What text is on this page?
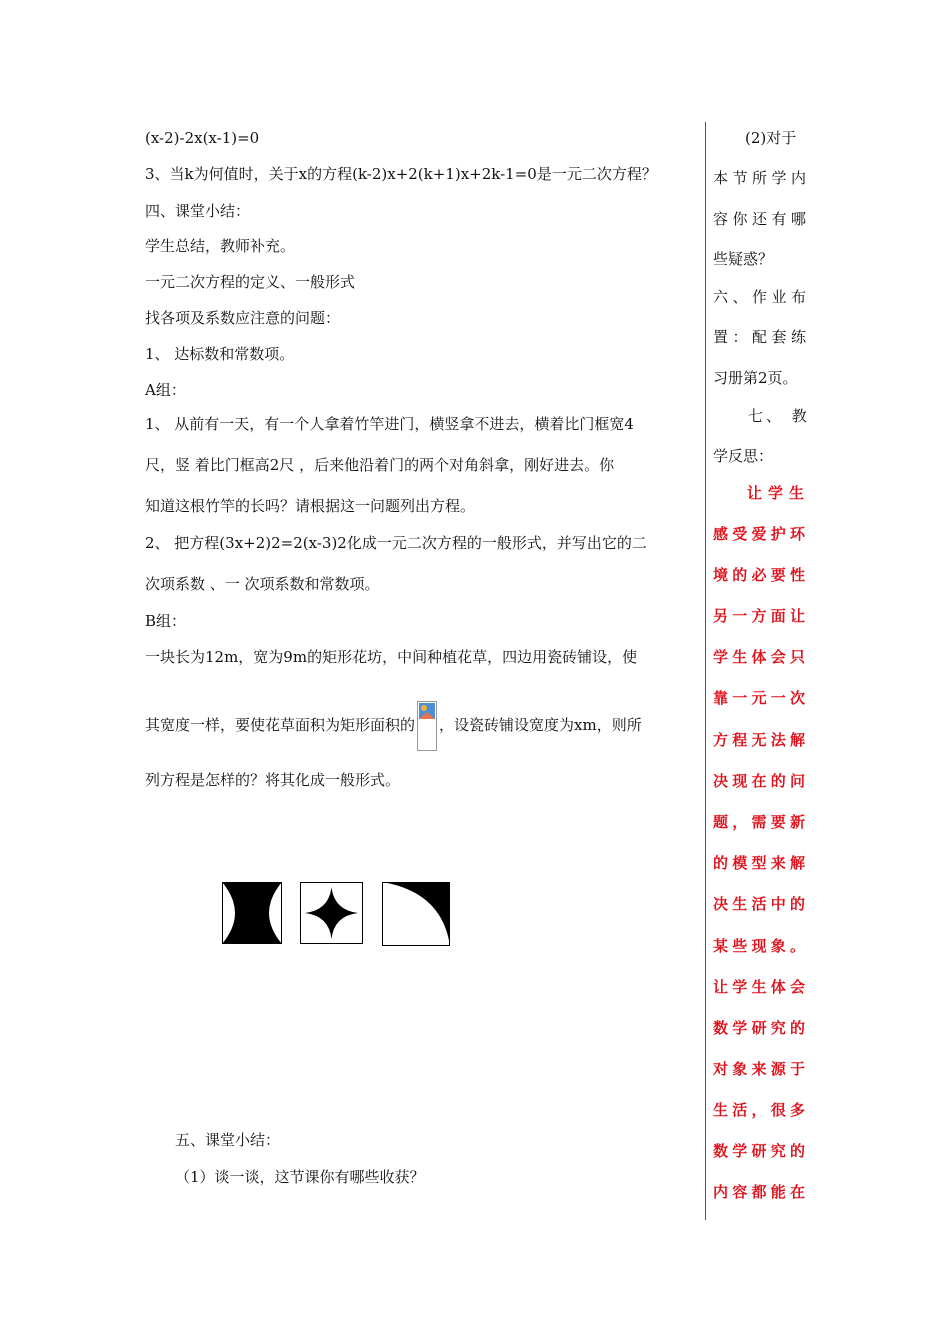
(x-2)-2x(x-1)=0
3、当k为何值时，关于x的方程(k-2)x+2(k+1)x+2k-1=0是一元二次方程？
四、课堂小结：
学生总结，教师补充。
一元二次方程的定义、一般形式
找各项及系数应注意的问题：
1、 达标数和常数项。
A组：
1、 从前有一天，有一个人拿着竹竿进门，横竖拿不进去，横着比门框宽4
尺，竖 着比门框高2尺 ，后来他沿着门的两个对角斜拿，刚好进去。你
知道这根竹竿的长吗？请根据这一问题列出方程。
2、 把方程(3x+2)2=2(x-3)2化成一元二次方程的一般形式，并写出它的二
次项系数 、一 次项系数和常数项。
B组：
一块长为12m，宽为9m的矩形花坊，中间种植花草，四边用瓷砖铺设，使
其宽度一样，要使花草面积为矩形面积的 ，设瓷砖铺设宽度为xm，则所
列方程是怎样的？将其化成一般形式。
五、课堂小结：
（1）谈一谈，这节课你有哪些收获？
(2)对于
本节所学内
容你还有哪
些疑惑？
六、作业布
置：配套练
习册第2页。
七、 教
学反思：
让学生
感受爱护环
境的必要性
另一方面让
学生体会只
靠一元一次
方程无法解
决现在的问
题，需要新
的模型来解
决生活中的
某些现象。
让学生体会
数学研究的
对象来源于
生活，很多
数学研究的
内容都能在
